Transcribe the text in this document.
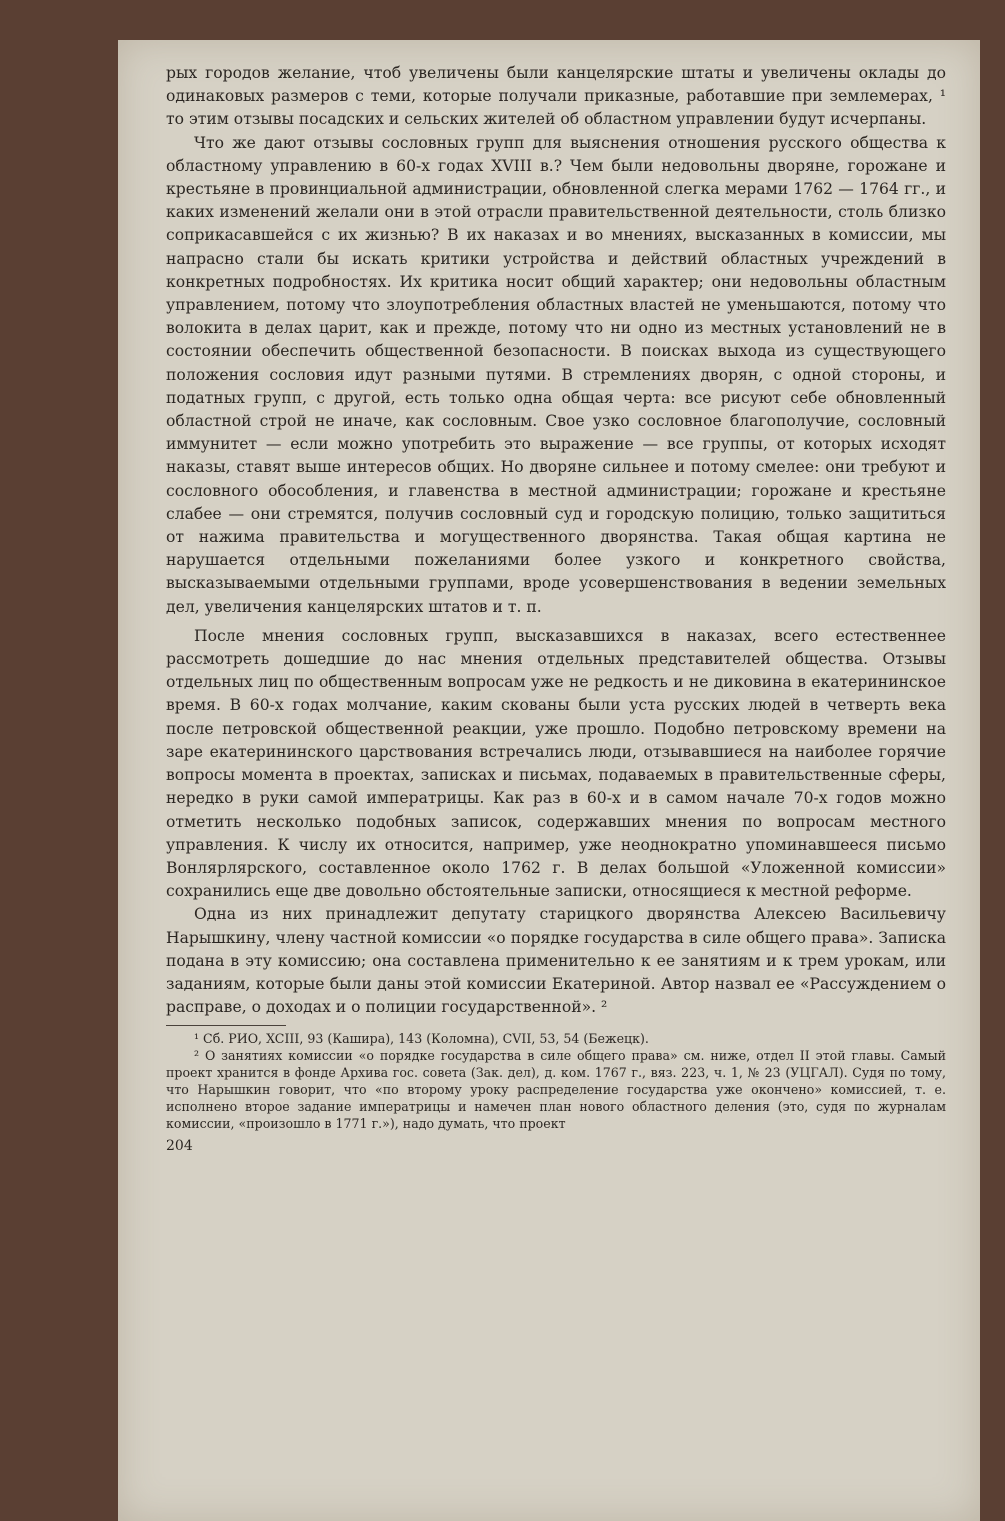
рых городов желание, чтоб увеличены были канцелярские штаты и увеличены оклады до одинаковых размеров с теми, которые получали приказные, работавшие при землемерах, ¹ то этим отзывы посадских и сельских жителей об областном управлении будут исчерпаны.

Что же дают отзывы сословных групп для выяснения отношения русского общества к областному управлению в 60-х годах XVIII в.? Чем были недовольны дворяне, горожане и крестьяне в провинциальной администрации, обновленной слегка мерами 1762 — 1764 гг., и каких изменений желали они в этой отрасли правительственной деятельности, столь близко соприкасавшейся с их жизнью? В их наказах и во мнениях, высказанных в комиссии, мы напрасно стали бы искать критики устройства и действий областных учреждений в конкретных подробностях. Их критика носит общий характер; они недовольны областным управлением, потому что злоупотребления областных властей не уменьшаются, потому что волокита в делах царит, как и прежде, потому что ни одно из местных установлений не в состоянии обеспечить общественной безопасности. В поисках выхода из существующего положения сословия идут разными путями. В стремлениях дворян, с одной стороны, и податных групп, с другой, есть только одна общая черта: все рисуют себе обновленный областной строй не иначе, как сословным. Свое узко сословное благополучие, сословный иммунитет — если можно употребить это выражение — все группы, от которых исходят наказы, ставят выше интересов общих. Но дворяне сильнее и потому смелее: они требуют и сословного обособления, и главенства в местной администрации; горожане и крестьяне слабее — они стремятся, получив сословный суд и городскую полицию, только защититься от нажима правительства и могущественного дворянства. Такая общая картина не нарушается отдельными пожеланиями более узкого и конкретного свойства, высказываемыми отдельными группами, вроде усовершенствования в ведении земельных дел, увеличения канцелярских штатов и т. п.

После мнения сословных групп, высказавшихся в наказах, всего естественнее рассмотреть дошедшие до нас мнения отдельных представителей общества. Отзывы отдельных лиц по общественным вопросам уже не редкость и не диковина в екатерининское время. В 60-х годах молчание, каким скованы были уста русских людей в четверть века после петровской общественной реакции, уже прошло. Подобно петровскому времени на заре екатерининского царствования встречались люди, отзывавшиеся на наиболее горячие вопросы момента в проектах, записках и письмах, подаваемых в правительственные сферы, нередко в руки самой императрицы. Как раз в 60-х и в самом начале 70-х годов можно отметить несколько подобных записок, содержавших мнения по вопросам местного управления. К числу их относится, например, уже неоднократно упоминавшееся письмо Вонлярлярского, составленное около 1762 г. В делах большой «Уложенной комиссии» сохранились еще две довольно обстоятельные записки, относящиеся к местной реформе.

Одна из них принадлежит депутату старицкого дворянства Алексею Васильевичу Нарышкину, члену частной комиссии «о порядке государства в силе общего права». Записка подана в эту комиссию; она составлена применительно к ее занятиям и к трем урокам, или заданиям, которые были даны этой комиссии Екатериной. Автор назвал ее «Рассуждением о расправе, о доходах и о полиции государственной». ²

¹ Сб. РИО, XCIII, 93 (Кашира), 143 (Коломна), CVII, 53, 54 (Бежецк).

² О занятиях комиссии «о порядке государства в силе общего права» см. ниже, отдел II этой главы. Самый проект хранится в фонде Архива гос. совета (Зак. дел), д. ком. 1767 г., вяз. 223, ч. 1, № 23 (УЦГАЛ). Судя по тому, что Нарышкин говорит, что «по второму уроку распределение государства уже окончено» комиссией, т. е. исполнено второе задание императрицы и намечен план нового областного деления (это, судя по журналам комиссии, «произошло в 1771 г.»), надо думать, что проект

204
